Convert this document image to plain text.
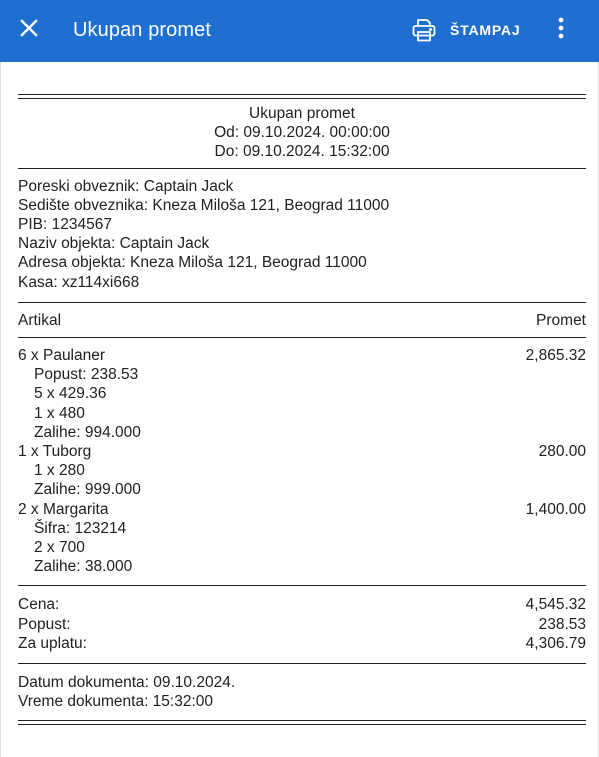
Ukupan promet	ŠTAMPAJ
Ukupan promet
Od: 09.10.2024. 00:00:00
Do: 09.10.2024. 15:32:00
Poreski obveznik: Captain Jack
Sedište obveznika: Kneza Miloša 121, Beograd 11000
PIB: 1234567
Naziv objekta: Captain Jack
Adresa objekta: Kneza Miloša 121, Beograd 11000
Kasa: xz114xi668
Artikal	Promet
6 x Paulaner	2,865.32
Popust: 238.53
5 x 429.36
1 x 480
Zalihe: 994.000
1 x Tuborg	280.00
1 x 280
Zalihe: 999.000
2 x Margarita	1,400.00
Šifra: 123214
2 x 700
Zalihe: 38.000
Cena:	4,545.32
Popust:	238.53
Za uplatu:	4,306.79
Datum dokumenta: 09.10.2024.
Vreme dokumenta: 15:32:00
